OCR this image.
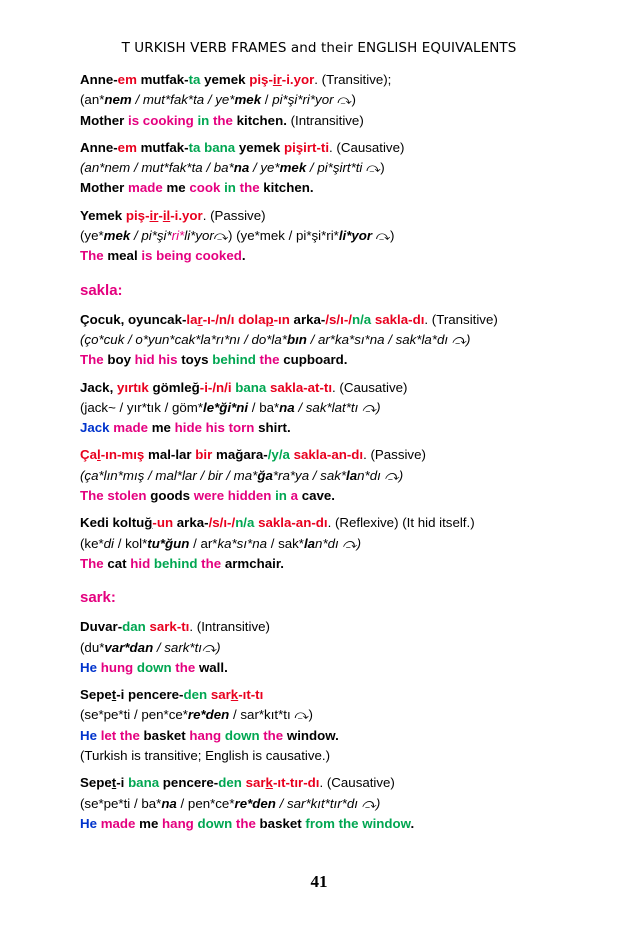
T URKISH VERB FRAMES and their ENGLISH EQUIVALENTS
Anne-em mutfak-ta yemek piş-ir-i.yor. (Transitive);
(an*nem / mut*fak*ta / ye*mek / pi*şi*ri*yor ⤼)
Mother is cooking in the kitchen. (Intransitive)
Anne-em mutfak-ta bana yemek pişirt-ti. (Causative)
(an*nem / mut*fak*ta / ba*na / ye*mek / pi*şirt*ti ⤼)
Mother made me cook in the kitchen.
Yemek piş-ir-il-i.yor. (Passive)
(ye*mek / pi*şi*ri*li*yor⤼) (ye*mek / pi*şi*ri*li*yor ⤼)
The meal is being cooked.
sakla:
Çocuk, oyuncak-lar-ı-/n/ı dolap-ın arka-/s/ı-/n/a sakla-dı. (Transitive)
(ço*cuk / o*yun*cak*la*rı*nı / do*la*bın / ar*ka*sı*na / sak*la*dı ⤼)
The boy hid his toys behind the cupboard.
Jack, yırtık gömleğ-i-/n/i bana sakla-at-tı. (Causative)
(jack~ / yır*tık / göm*le*ği*ni / ba*na / sak*lat*tı ⤼)
Jack made me hide his torn shirt.
Çal-ın-mış mal-lar bir mağara-/y/a sakla-an-dı. (Passive)
(ça*lın*mış / mal*lar / bir / ma*ğa*ra*ya / sak*lan*dı ⤼)
The stolen goods were hidden in a cave.
Kedi koltuğ-un arka-/s/ı-/n/a sakla-an-dı. (Reflexive) (It hid itself.)
(ke*di / kol*tu*ğun / ar*ka*sı*na / sak*lan*dı ⤼)
The cat hid behind the armchair.
sark:
Duvar-dan sark-tı. (Intransitive)
(du*var*dan / sark*tı⤼)
He hung down the wall.
Sepet-i pencere-den sark-ıt-tı
(se*pe*ti / pen*ce*re*den / sar*kıt*tı ⤼)
He let the basket hang down the window.
(Turkish is transitive; English is causative.)
Sepet-i bana pencere-den sark-ıt-tır-dı. (Causative)
(se*pe*ti / ba*na / pen*ce*re*den / sar*kıt*tır*dı ⤼)
He made me hang down the basket from the window.
41
